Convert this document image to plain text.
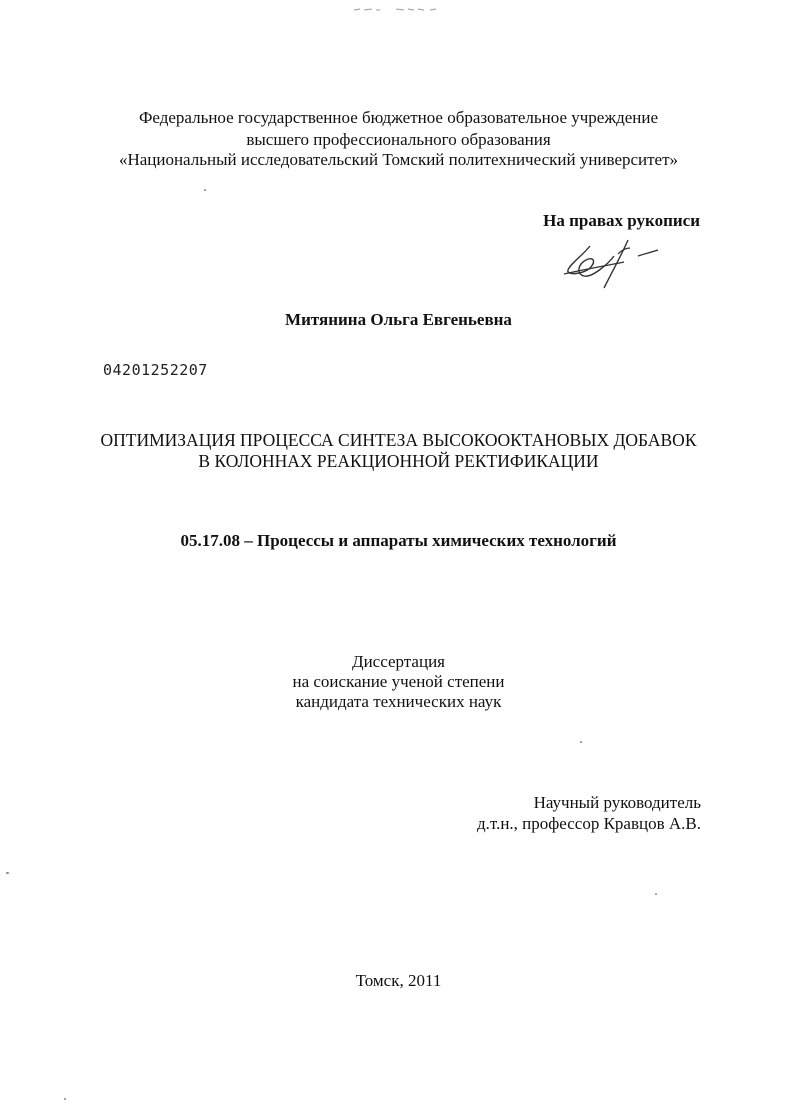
Федеральное государственное бюджетное образовательное учреждение
высшего профессионального образования
«Национальный исследовательский Томский политехнический университет»
На правах рукописи
Митянина Ольга Евгеньевна
04201252207
ОПТИМИЗАЦИЯ ПРОЦЕССА СИНТЕЗА ВЫСОКООКТАНОВЫХ ДОБАВОК
В КОЛОННАХ РЕАКЦИОННОЙ РЕКТИФИКАЦИИ
05.17.08 – Процессы и аппараты химических технологий
Диссертация
на соискание ученой степени
кандидата технических наук
Научный руководитель
д.т.н., профессор Кравцов А.В.
Томск, 2011
